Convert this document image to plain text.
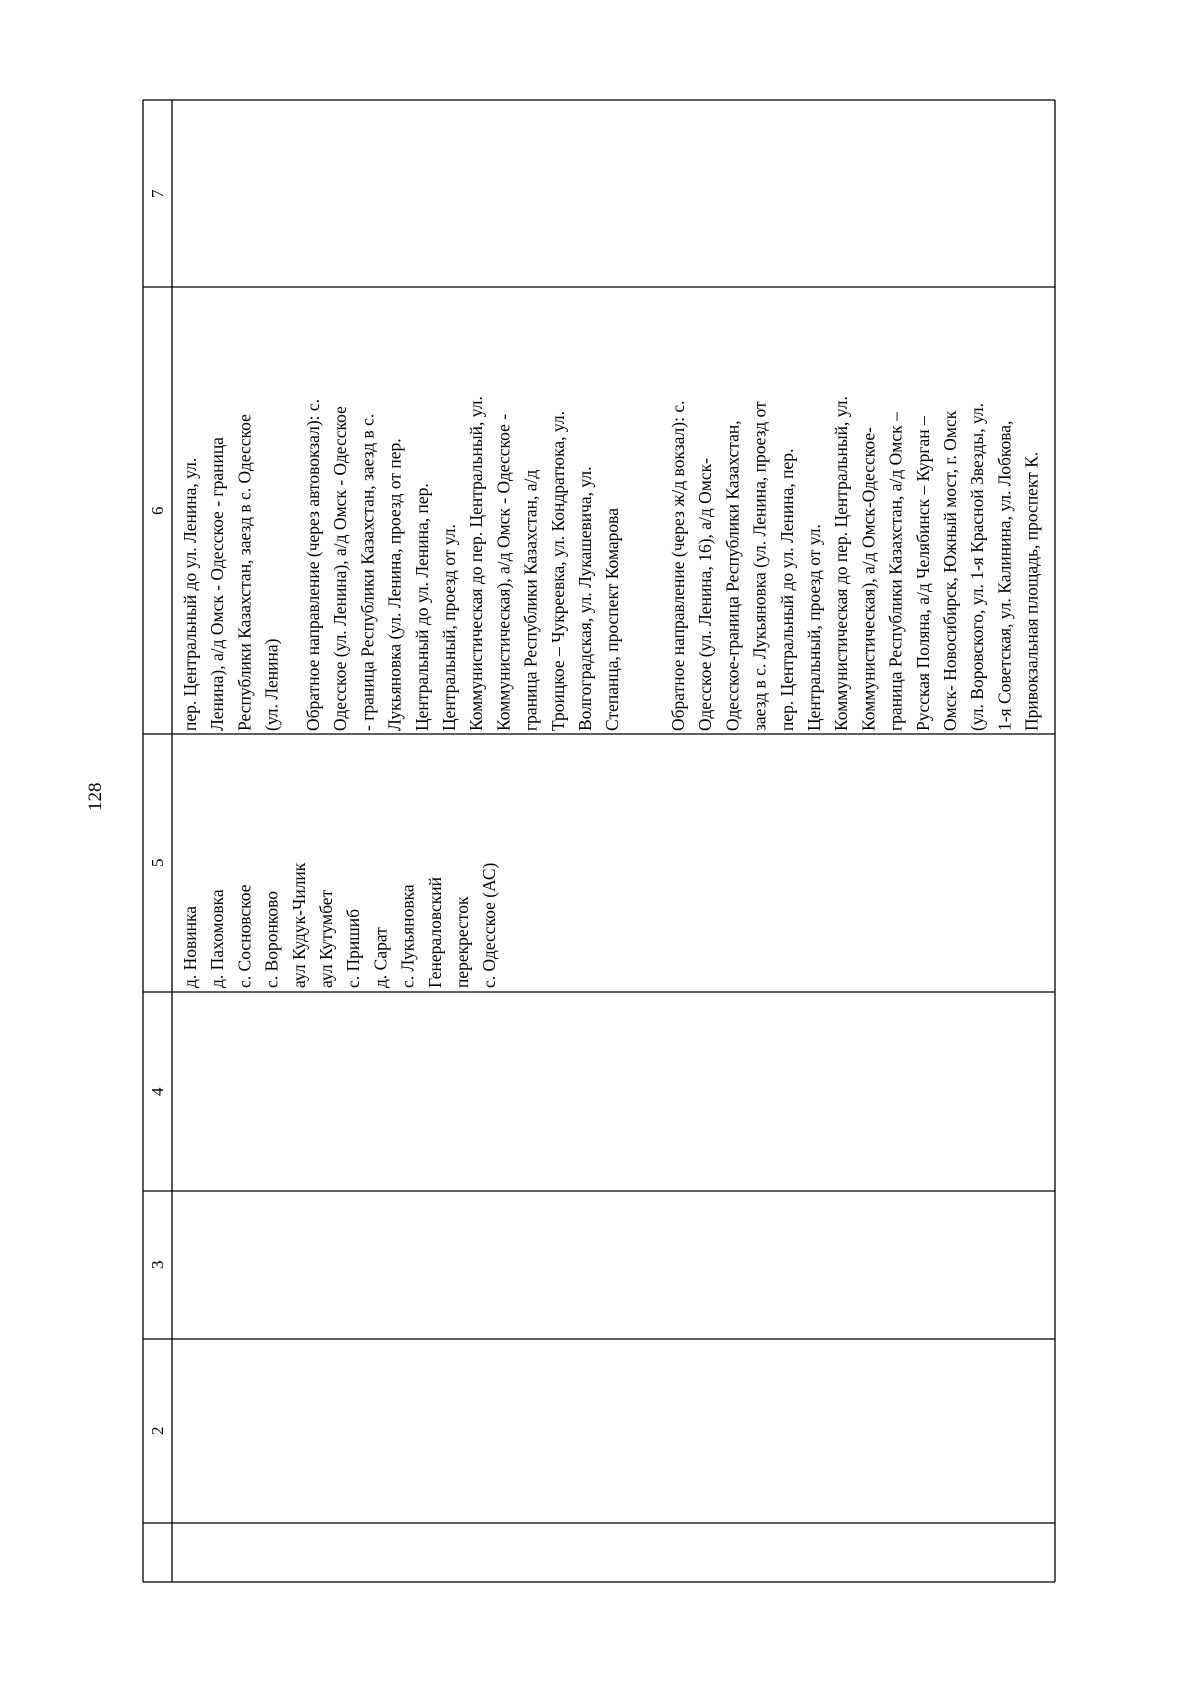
128
2
3
4
5
6
7
д. Новинка
д. Пахомовка
с. Сосновское
с. Воронково
аул Кудук-Чилик
аул Кутумбет
с. Пришиб
д. Сарат
с. Лукьяновка
Генераловский
перекресток
с. Одесское (АС)
пер. Центральный до ул. Ленина, ул.
Ленина), а/д Омск - Одесское - граница
Республики Казахстан, заезд в с. Одесское
(ул. Ленина)	Обратное направление (через автовокзал): с.
Одесское (ул. Ленина), а/д Омск - Одесское
- граница Республики Казахстан, заезд в с.
Лукьяновка (ул. Ленина, проезд от пер.
Центральный до ул. Ленина, пер.
Центральный, проезд от ул.
Коммунистическая до пер. Центральный, ул.
Коммунистическая), а/д Омск - Одесское -
граница Республики Казахстан, а/д
Троицкое – Чукреевка, ул. Кондратюка, ул.
Волгоградская, ул. Лукашевича, ул.
Степанца, проспект Комарова
Обратное направление (через ж/д вокзал): с.
Одесское (ул. Ленина, 16), а/д Омск-
Одесское-граница Республики Казахстан,
заезд в с. Лукьяновка (ул. Ленина, проезд от
пер. Центральный до ул. Ленина, пер.
Центральный, проезд от ул.
Коммунистическая до пер. Центральный, ул.
Коммунистическая), а/д Омск-Одесское-
граница Республики Казахстан, а/д Омск –
Русская Поляна, а/д Челябинск – Курган –
Омск- Новосибирск, Южный мост, г. Омск
(ул. Воровского, ул. 1-я Красной Звезды, ул.
1-я Советская, ул. Калинина, ул. Лобкова,
Привокзальная площадь, проспект К.
